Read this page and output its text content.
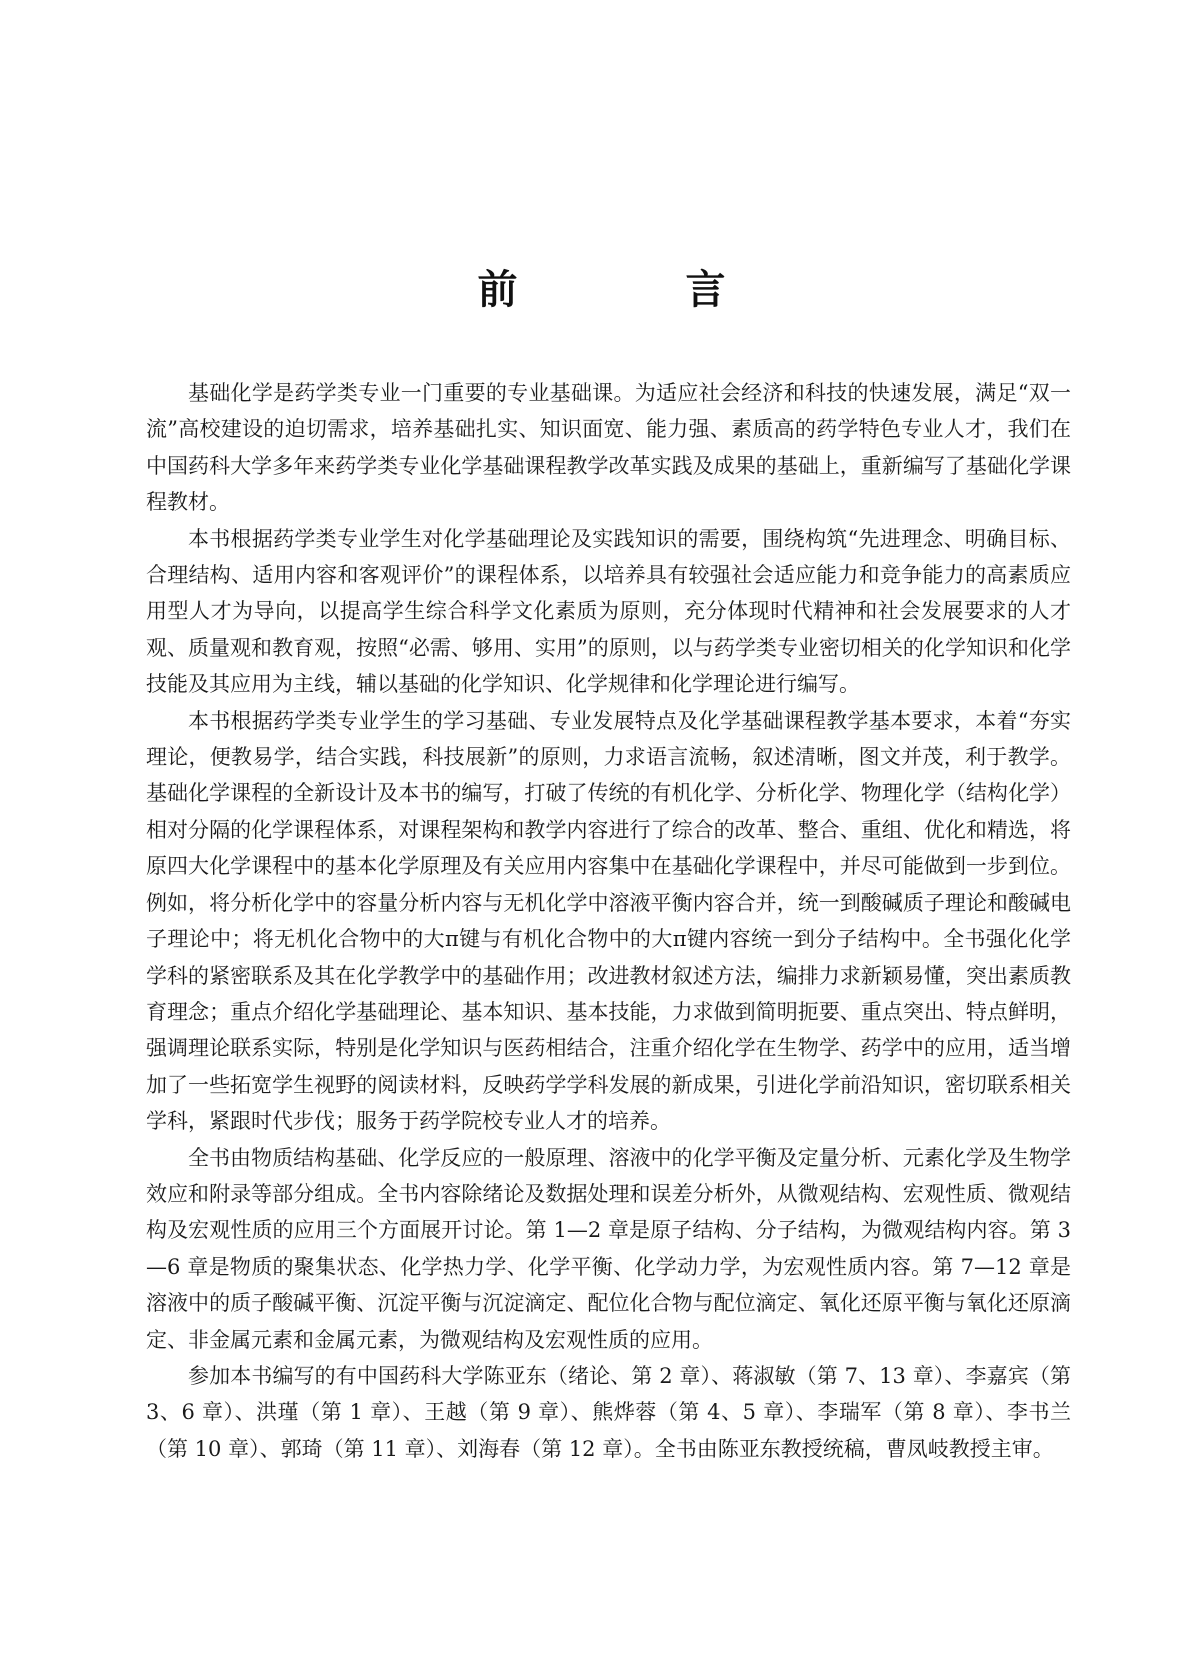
前　言

基础化学是药学类专业一门重要的专业基础课。为适应社会经济和科技的快速发展，满足“双一流”高校建设的迫切需求，培养基础扎实、知识面宽、能力强、素质高的药学特色专业人才，我们在中国药科大学多年来药学类专业化学基础课程教学改革实践及成果的基础上，重新编写了基础化学课程教材。

本书根据药学类专业学生对化学基础理论及实践知识的需要，围绕构筑“先进理念、明确目标、合理结构、适用内容和客观评价”的课程体系，以培养具有较强社会适应能力和竞争能力的高素质应用型人才为导向，以提高学生综合科学文化素质为原则，充分体现时代精神和社会发展要求的人才观、质量观和教育观，按照“必需、够用、实用”的原则，以与药学类专业密切相关的化学知识和化学技能及其应用为主线，辅以基础的化学知识、化学规律和化学理论进行编写。

本书根据药学类专业学生的学习基础、专业发展特点及化学基础课程教学基本要求，本着“夯实理论，便教易学，结合实践，科技展新”的原则，力求语言流畅，叙述清晰，图文并茂，利于教学。基础化学课程的全新设计及本书的编写，打破了传统的有机化学、分析化学、物理化学（结构化学）相对分隔的化学课程体系，对课程架构和教学内容进行了综合的改革、整合、重组、优化和精选，将原四大化学课程中的基本化学原理及有关应用内容集中在基础化学课程中，并尽可能做到一步到位。例如，将分析化学中的容量分析内容与无机化学中溶液平衡内容合并，统一到酸碱质子理论和酸碱电子理论中；将无机化合物中的大π键与有机化合物中的大π键内容统一到分子结构中。全书强化化学学科的紧密联系及其在化学教学中的基础作用；改进教材叙述方法，编排力求新颖易懂，突出素质教育理念；重点介绍化学基础理论、基本知识、基本技能，力求做到简明扼要、重点突出、特点鲜明，强调理论联系实际，特别是化学知识与医药相结合，注重介绍化学在生物学、药学中的应用，适当增加了一些拓宽学生视野的阅读材料，反映药学学科发展的新成果，引进化学前沿知识，密切联系相关学科，紧跟时代步伐；服务于药学院校专业人才的培养。

全书由物质结构基础、化学反应的一般原理、溶液中的化学平衡及定量分析、元素化学及生物学效应和附录等部分组成。全书内容除绪论及数据处理和误差分析外，从微观结构、宏观性质、微观结构及宏观性质的应用三个方面展开讨论。第 1—2 章是原子结构、分子结构，为微观结构内容。第 3—6 章是物质的聚集状态、化学热力学、化学平衡、化学动力学，为宏观性质内容。第 7—12 章是溶液中的质子酸碱平衡、沉淀平衡与沉淀滴定、配位化合物与配位滴定、氧化还原平衡与氧化还原滴定、非金属元素和金属元素，为微观结构及宏观性质的应用。

参加本书编写的有中国药科大学陈亚东（绪论、第 2 章）、蒋淑敏（第 7、13 章）、李嘉宾（第 3、6 章）、洪瑾（第 1 章）、王越（第 9 章）、熊烨蓉（第 4、5 章）、李瑞军（第 8 章）、李书兰（第 10 章）、郭琦（第 11 章）、刘海春（第 12 章）。全书由陈亚东教授统稿，曹凤岐教授主审。
